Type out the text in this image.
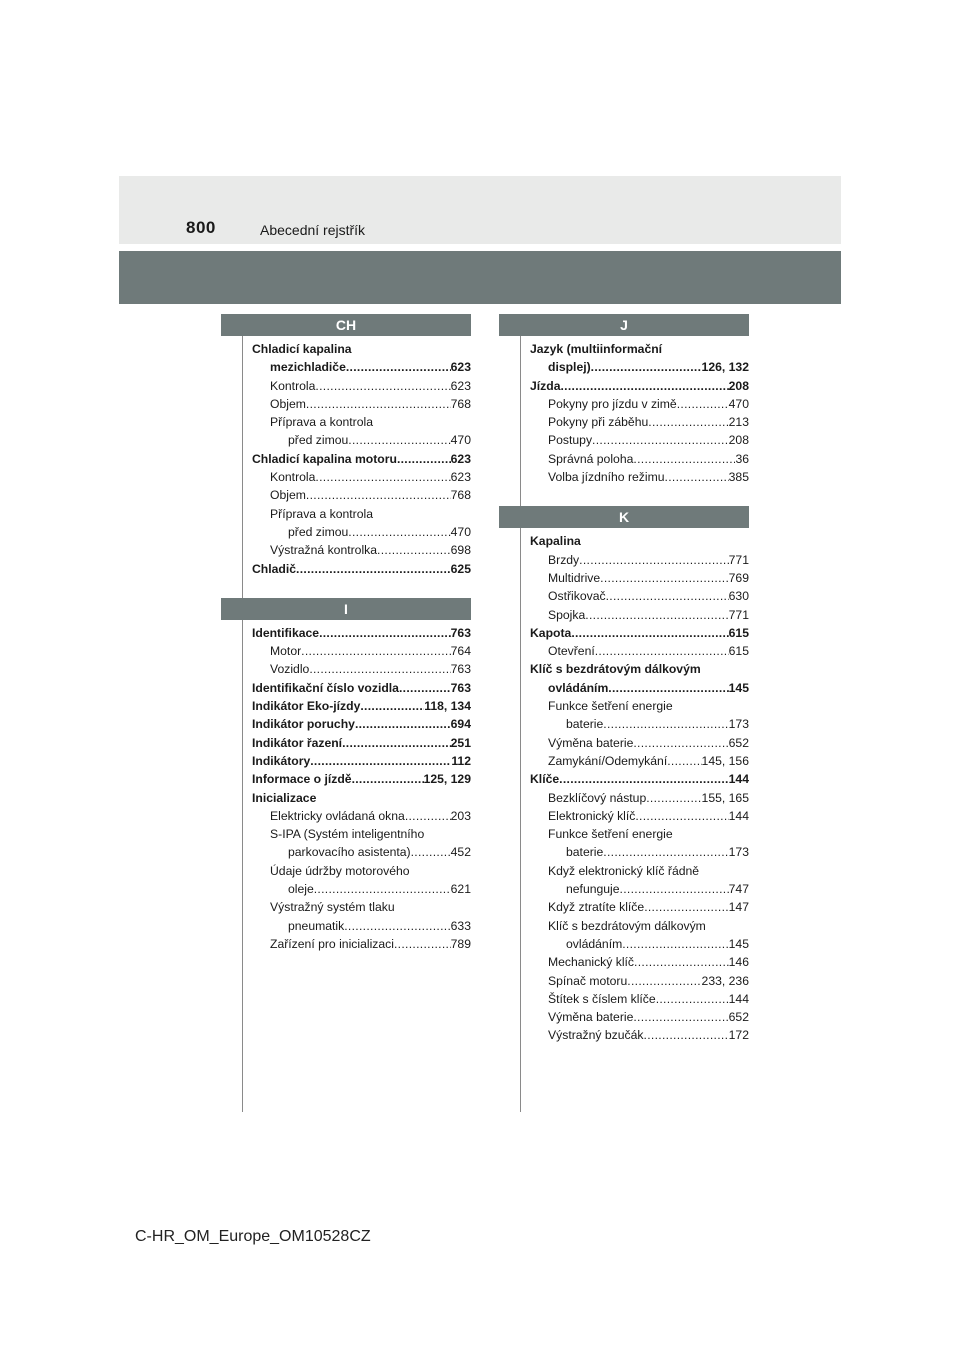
800	Abecední rejstřík
CH
Chladicí kapalina
mezichladiče .....	623
Kontrola .....	623
Objem .....	768
Příprava a kontrola
před zimou .....	470
Chladicí kapalina motoru .....	623
Kontrola .....	623
Objem .....	768
Příprava a kontrola
před zimou .....	470
Výstražná kontrolka .....	698
Chladič .....	625
I
Identifikace .....	763
Motor .....	764
Vozidlo .....	763
Identifikační číslo vozidla .....	763
Indikátor Eko-jízdy .....	118, 134
Indikátor poruchy .....	694
Indikátor řazení .....	251
Indikátory .....	112
Informace o jízdě .....	125, 129
Inicializace
Elektricky ovládaná okna .....	203
S-IPA (Systém inteligentního
parkovacího asistenta) .....	452
Údaje údržby motorového
oleje .....	621
Výstražný systém tlaku
pneumatik .....	633
Zařízení pro inicializaci .....	789
J
Jazyk (multiinformační
displej) .....	126, 132
Jízda .....	208
Pokyny pro jízdu v zimě .....	470
Pokyny při záběhu .....	213
Postupy .....	208
Správná poloha .....	36
Volba jízdního režimu .....	385
K
Kapalina
Brzdy .....	771
Multidrive .....	769
Ostřikovač .....	630
Spojka .....	771
Kapota .....	615
Otevření .....	615
Klíč s bezdrátovým dálkovým
ovládáním .....	145
Funkce šetření energie
baterie .....	173
Výměna baterie .....	652
Zamykání/Odemykání .....	145, 156
Klíče .....	144
Bezklíčový nástup .....	155, 165
Elektronický klíč .....	144
Funkce šetření energie
baterie .....	173
Když elektronický klíč řádně
nefunguje .....	747
Když ztratíte klíče .....	147
Klíč s bezdrátovým dálkovým
ovládáním .....	145
Mechanický klíč .....	146
Spínač motoru .....	233, 236
Štítek s číslem klíče .....	144
Výměna baterie .....	652
Výstražný bzučák .....	172
C-HR_OM_Europe_OM10528CZ
